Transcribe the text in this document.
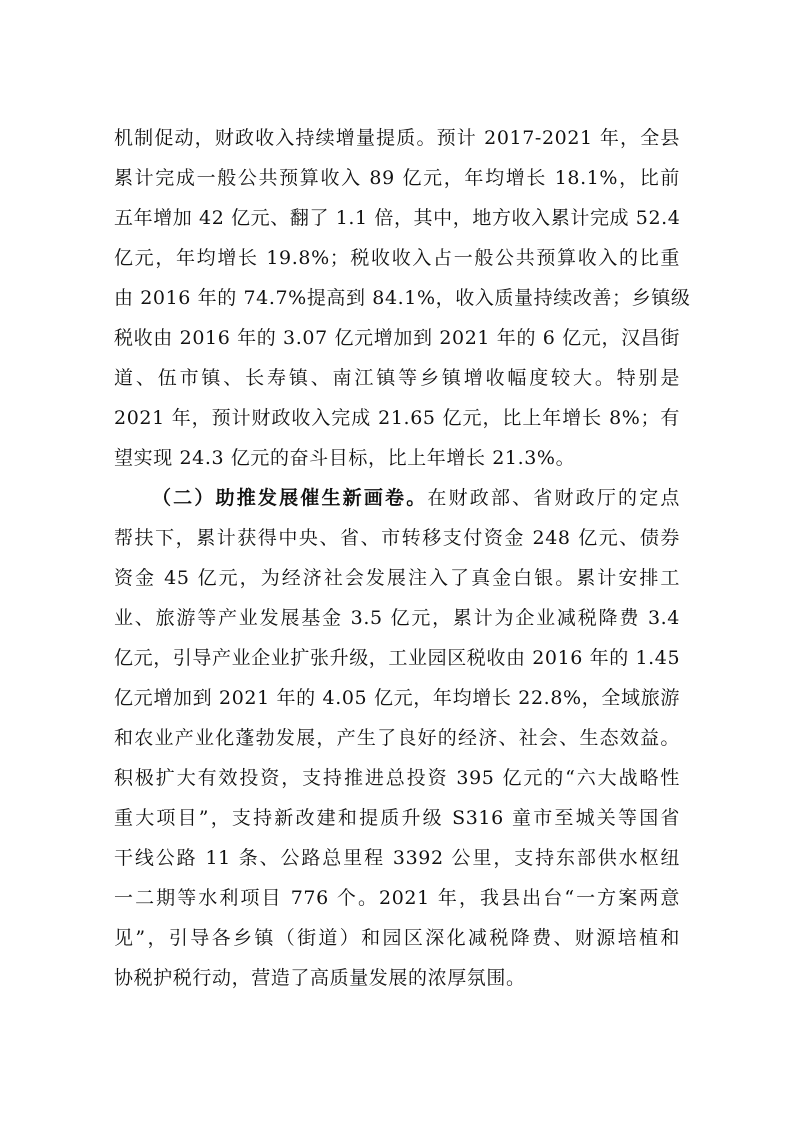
机制促动，财政收入持续增量提质。预计 2017-2021 年，全县
累计完成一般公共预算收入 89 亿元，年均增长 18.1%，比前
五年增加 42 亿元、翻了 1.1 倍，其中，地方收入累计完成 52.4
亿元，年均增长 19.8%；税收收入占一般公共预算收入的比重
由 2016 年的 74.7%提高到 84.1%，收入质量持续改善；乡镇级
税收由 2016 年的 3.07 亿元增加到 2021 年的 6 亿元，汉昌街
道、伍市镇、长寿镇、南江镇等乡镇增收幅度较大。特别是
2021 年，预计财政收入完成 21.65 亿元，比上年增长 8%；有
望实现 24.3 亿元的奋斗目标，比上年增长 21.3%。
（二）助推发展催生新画卷。在财政部、省财政厅的定点
帮扶下，累计获得中央、省、市转移支付资金 248 亿元、债券
资金 45 亿元，为经济社会发展注入了真金白银。累计安排工
业、旅游等产业发展基金 3.5 亿元，累计为企业减税降费 3.4
亿元，引导产业企业扩张升级，工业园区税收由 2016 年的 1.45
亿元增加到 2021 年的 4.05 亿元，年均增长 22.8%，全域旅游
和农业产业化蓬勃发展，产生了良好的经济、社会、生态效益。
积极扩大有效投资，支持推进总投资 395 亿元的“六大战略性
重大项目”，支持新改建和提质升级 S316 童市至城关等国省
干线公路 11 条、公路总里程 3392 公里，支持东部供水枢纽
一二期等水利项目 776 个。2021 年，我县出台“一方案两意
见”，引导各乡镇（街道）和园区深化减税降费、财源培植和
协税护税行动，营造了高质量发展的浓厚氛围。
